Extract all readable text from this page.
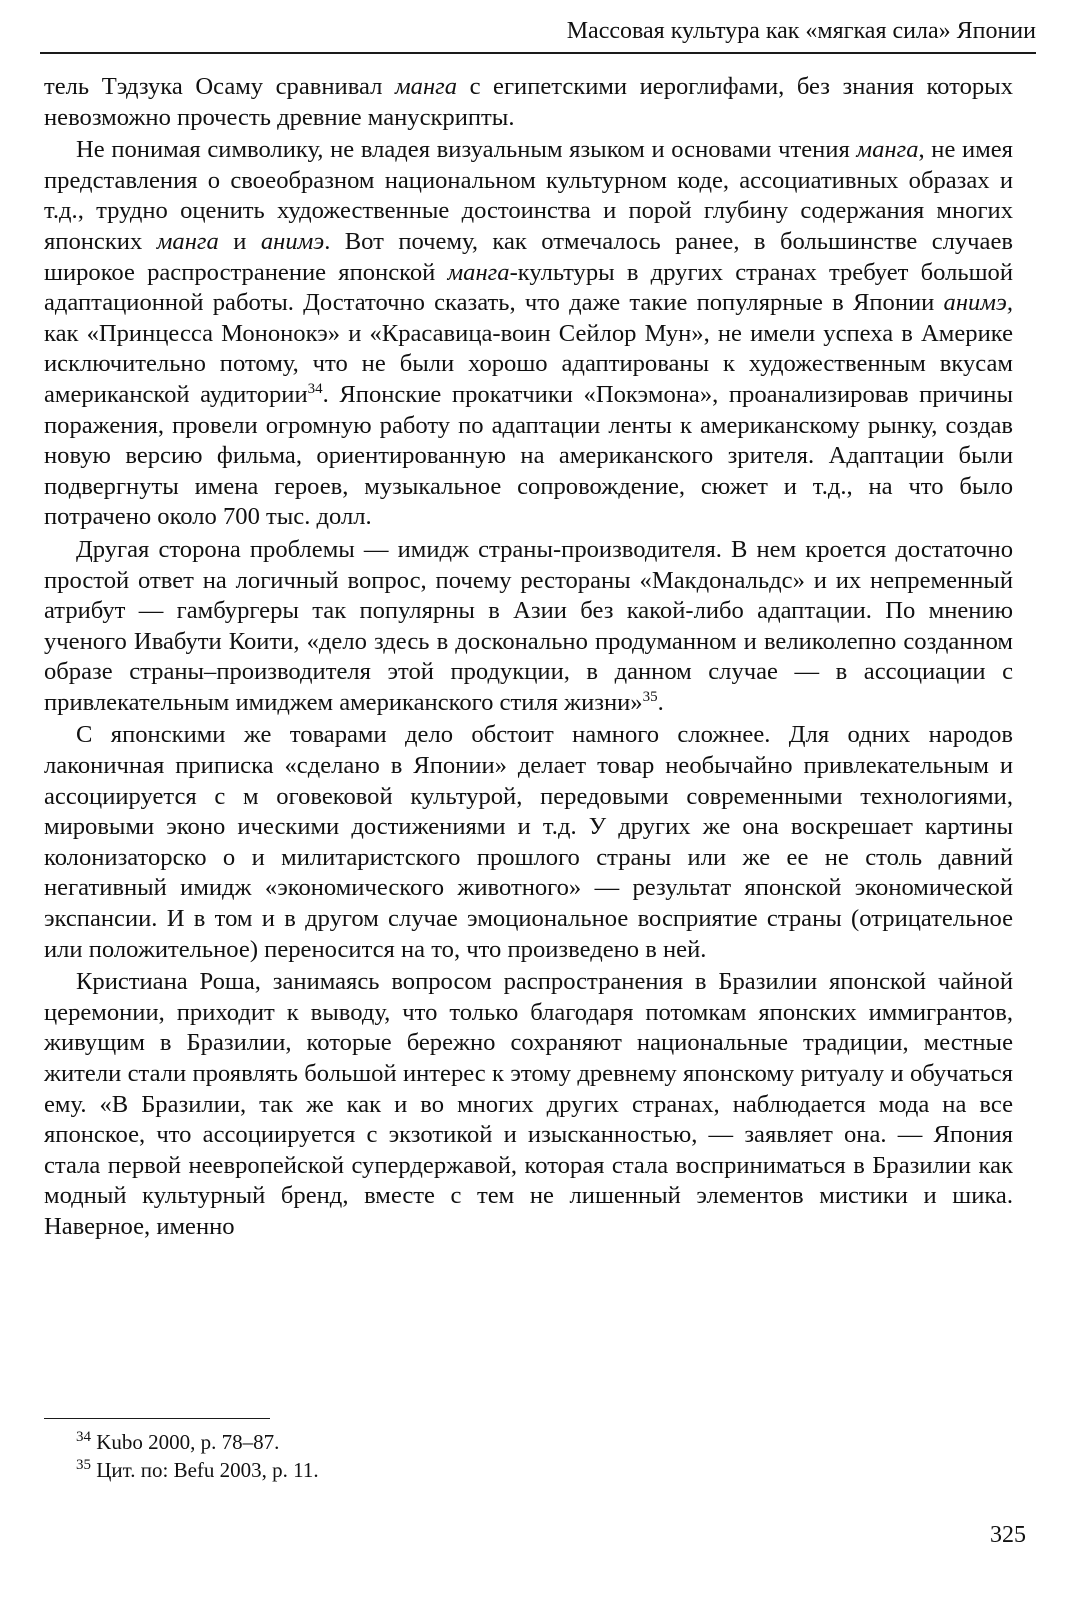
Массовая культура как «мягкая сила» Японии

тель Тэдзука Осаму сравнивал манга с египетскими иероглифами, без знания которых невозможно прочесть древние манускрипты.

Не понимая символику, не владея визуальным языком и основами чтения манга, не имея представления о своеобразном национальном культурном коде, ассоциативных образах и т.д., трудно оценить художественные достоинства и порой глубину содержания многих японских манга и анимэ. Вот почему, как отмечалось ранее, в большинстве случаев широкое распространение японской манга-культуры в других странах требует большой адаптационной работы. Достаточно сказать, что даже такие популярные в Японии анимэ, как «Принцесса Мононокэ» и «Красавица-воин Сейлор Мун», не имели успеха в Америке исключительно потому, что не были хорошо адаптированы к художественным вкусам американской аудитории$^{34}$. Японские прокатчики «Покэмона», проанализировав причины поражения, провели огромную работу по адаптации ленты к американскому рынку, создав новую версию фильма, ориентированную на американского зрителя. Адаптации были подвергнуты имена героев, музыкальное сопровождение, сюжет и т.д., на что было потрачено около 700 тыс. долл.

Другая сторона проблемы — имидж страны-производителя. В нем кроется достаточно простой ответ на логичный вопрос, почему рестораны «Макдональдс» и их непременный атрибут — гамбургеры так популярны в Азии без какой-либо адаптации. По мнению ученого Ивабути Коити, «дело здесь в досконально продуманном и великолепно созданном образе страны–производителя этой продукции, в данном случае — в ассоциации с привлекательным имиджем американского стиля жизни»$^{35}$.

С японскими же товарами дело обстоит намного сложнее. Для одних народов лаконичная приписка «сделано в Японии» делает товар необычайно привлекательным и ассоциируется с м оговековой культурой, передовыми современными технологиями, мировыми эконо ическими достижениями и т.д. У других же она воскрешает картины колонизаторско о и милитаристского прошлого страны или же ее не столь давний негативный имидж «экономического животного» — результат японской экономической экспансии. И в том и в другом случае эмоциональное восприятие страны (отрицательное или положительное) переносится на то, что произведено в ней.

Кристиана Роша, занимаясь вопросом распространения в Бразилии японской чайной церемонии, приходит к выводу, что только благодаря потомкам японских иммигрантов, живущим в Бразилии, которые бережно сохраняют национальные традиции, местные жители стали проявлять большой интерес к этому древнему японскому ритуалу и обучаться ему. «В Бразилии, так же как и во многих других странах, наблюдается мода на все японское, что ассоциируется с экзотикой и изысканностью, — заявляет она. — Япония стала первой неевропейской супердержавой, которая стала восприниматься в Бразилии как модный культурный бренд, вместе с тем не лишенный элементов мистики и шика. Наверное, именно

$^{34}$ Kubo 2000, p. 78–87.
$^{35}$ Цит. по: Befu 2003, p. 11.
325
